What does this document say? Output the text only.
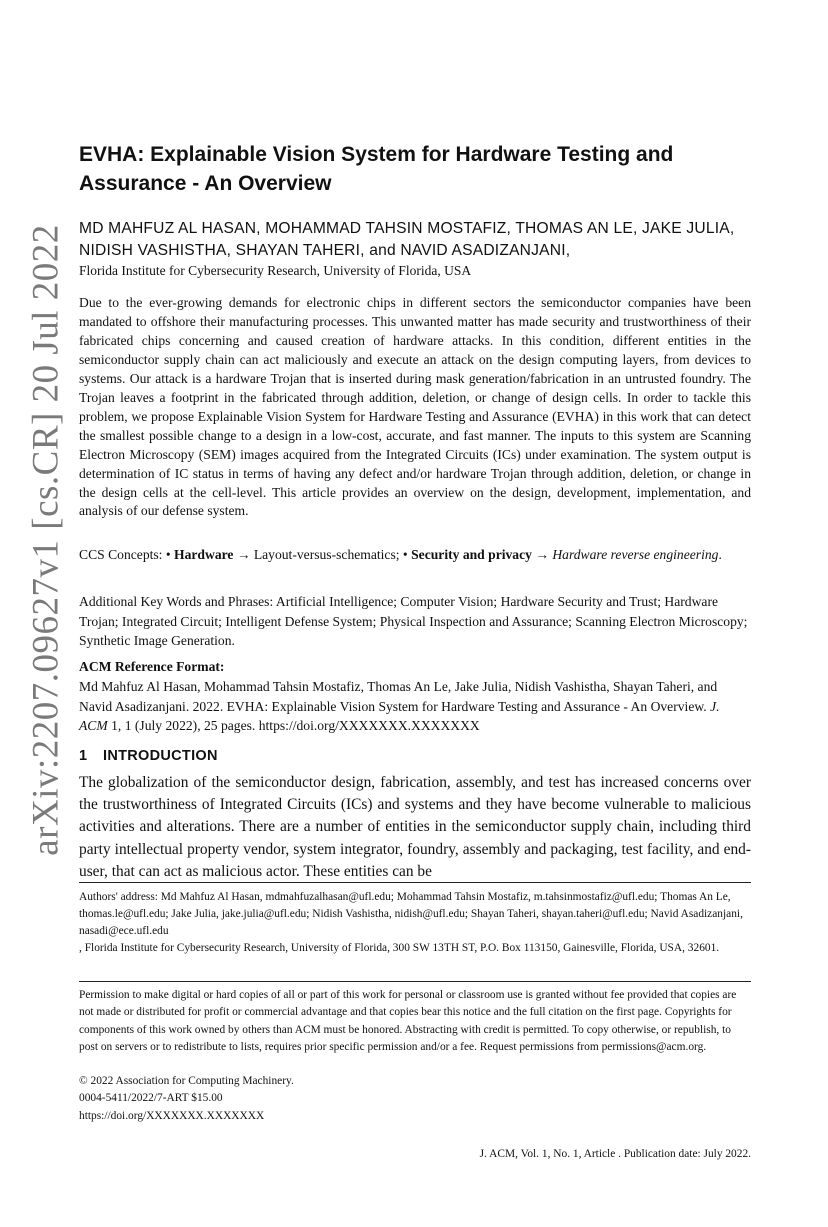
arXiv:2207.09627v1 [cs.CR] 20 Jul 2022
EVHA: Explainable Vision System for Hardware Testing and Assurance - An Overview

MD MAHFUZ AL HASAN, MOHAMMAD TAHSIN MOSTAFIZ, THOMAS AN LE, JAKE JULIA, NIDISH VASHISTHA, SHAYAN TAHERI, and NAVID ASADIZANJANI,

Florida Institute for Cybersecurity Research, University of Florida, USA

Due to the ever-growing demands for electronic chips in different sectors the semiconductor companies have been mandated to offshore their manufacturing processes. This unwanted matter has made security and trustworthiness of their fabricated chips concerning and caused creation of hardware attacks. In this condition, different entities in the semiconductor supply chain can act maliciously and execute an attack on the design computing layers, from devices to systems. Our attack is a hardware Trojan that is inserted during mask generation/fabrication in an untrusted foundry. The Trojan leaves a footprint in the fabricated through addition, deletion, or change of design cells. In order to tackle this problem, we propose Explainable Vision System for Hardware Testing and Assurance (EVHA) in this work that can detect the smallest possible change to a design in a low-cost, accurate, and fast manner. The inputs to this system are Scanning Electron Microscopy (SEM) images acquired from the Integrated Circuits (ICs) under examination. The system output is determination of IC status in terms of having any defect and/or hardware Trojan through addition, deletion, or change in the design cells at the cell-level. This article provides an overview on the design, development, implementation, and analysis of our defense system.

CCS Concepts: • Hardware → Layout-versus-schematics; • Security and privacy → Hardware reverse engineering.

Additional Key Words and Phrases: Artificial Intelligence; Computer Vision; Hardware Security and Trust; Hardware Trojan; Integrated Circuit; Intelligent Defense System; Physical Inspection and Assurance; Scanning Electron Microscopy; Synthetic Image Generation.

ACM Reference Format:

Md Mahfuz Al Hasan, Mohammad Tahsin Mostafiz, Thomas An Le, Jake Julia, Nidish Vashistha, Shayan Taheri, and Navid Asadizanjani. 2022. EVHA: Explainable Vision System for Hardware Testing and Assurance - An Overview. J. ACM 1, 1 (July 2022), 25 pages. https://doi.org/XXXXXXX.XXXXXXX

1 INTRODUCTION

The globalization of the semiconductor design, fabrication, assembly, and test has increased concerns over the trustworthiness of Integrated Circuits (ICs) and systems and they have become vulnerable to malicious activities and alterations. There are a number of entities in the semiconductor supply chain, including third party intellectual property vendor, system integrator, foundry, assembly and packaging, test facility, and end-user, that can act as malicious actor. These entities can be

Authors' address: Md Mahfuz Al Hasan, mdmahfuzalhasan@ufl.edu; Mohammad Tahsin Mostafiz, m.tahsinmostafiz@ufl.edu; Thomas An Le, thomas.le@ufl.edu; Jake Julia, jake.julia@ufl.edu; Nidish Vashistha, nidish@ufl.edu; Shayan Taheri, shayan.taheri@ufl.edu; Navid Asadizanjani, nasadi@ece.ufl.edu
, Florida Institute for Cybersecurity Research, University of Florida, 300 SW 13TH ST, P.O. Box 113150, Gainesville, Florida, USA, 32601.

Permission to make digital or hard copies of all or part of this work for personal or classroom use is granted without fee provided that copies are not made or distributed for profit or commercial advantage and that copies bear this notice and the full citation on the first page. Copyrights for components of this work owned by others than ACM must be honored. Abstracting with credit is permitted. To copy otherwise, or republish, to post on servers or to redistribute to lists, requires prior specific permission and/or a fee. Request permissions from permissions@acm.org.

© 2022 Association for Computing Machinery.
0004-5411/2022/7-ART $15.00
https://doi.org/XXXXXXX.XXXXXXX
J. ACM, Vol. 1, No. 1, Article . Publication date: July 2022.
